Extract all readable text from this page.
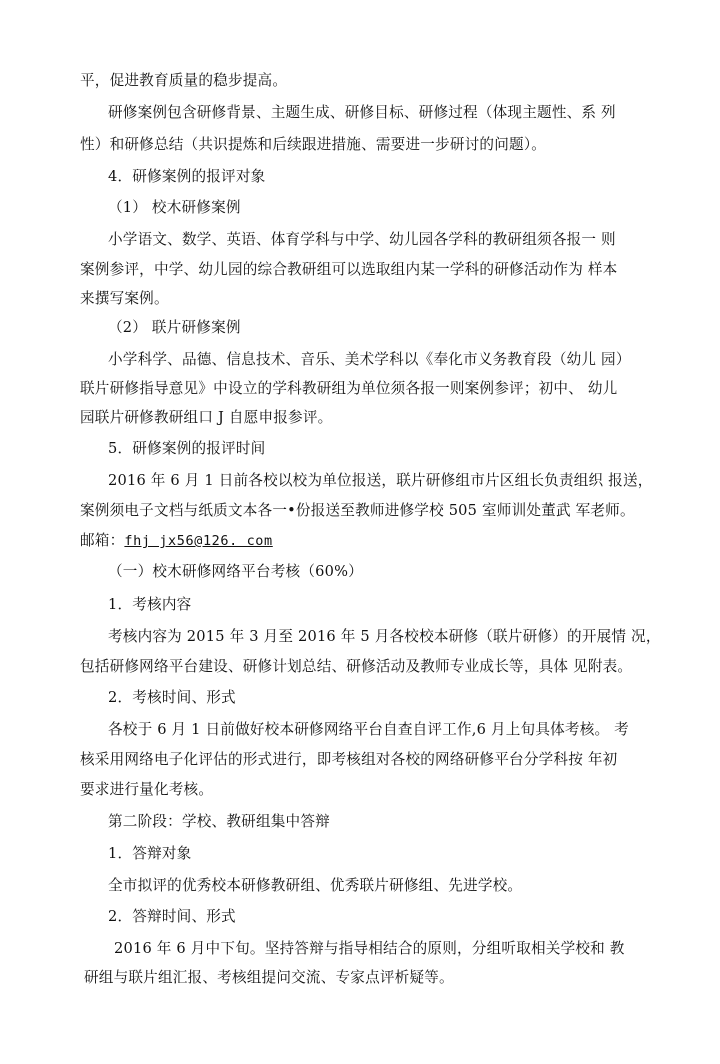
平，促进教育质量的稳步提高。
研修案例包含研修背景、主题生成、研修目标、研修过程（体现主题性、系 列
性）和研修总结（共识提炼和后续跟进措施、需要进一步研讨的问题）。
4．研修案例的报评对象
（1） 校木研修案例
小学语文、数学、英语、体育学科与中学、幼儿园各学科的教研组须各报一 则
案例参评，中学、幼儿园的综合教研组可以选取组内某一学科的研修活动作为 样本
来撰写案例。
（2） 联片研修案例
小学科学、品德、信息技术、音乐、美术学科以《奉化市义务教育段（幼儿 园）
联片研修指导意见》中设立的学科教研组为单位须各报一则案例参评；初中、 幼儿
园联片研修教研组口 J 自愿申报参评。
5．研修案例的报评时间
2016 年 6 月 1 日前各校以校为单位报送，联片研修组市片区组长负责组织 报送，
案例须电子文档与纸质文本各一•份报送至教师进修学校 505 室师训处董武 军老师。
邮箱：fhj jx56@126. com
（一）校木研修网络平台考核（60%）
1．考核内容
考核内容为 2015 年 3 月至 2016 年 5 月各校校本研修（联片研修）的开展情 况，
包括研修网络平台建设、研修计划总结、研修活动及教师专业成长等，具体 见附表。
2．考核时间、形式
各校于 6 月 1 日前做好校本研修网络平台自查自评工作,6 月上旬具体考核。 考
核采用网络电子化评估的形式进行，即考核组对各校的网络研修平台分学科按 年初
要求进行量化考核。
第二阶段：学校、教研组集中答辩
1．答辩对象
全市拟评的优秀校本研修教研组、优秀联片研修组、先进学校。
2．答辩时间、形式
2016 年 6 月中下旬。坚持答辩与指导相结合的原则，分组听取相关学校和 教
研组与联片组汇报、考核组提问交流、专家点评析疑等。
